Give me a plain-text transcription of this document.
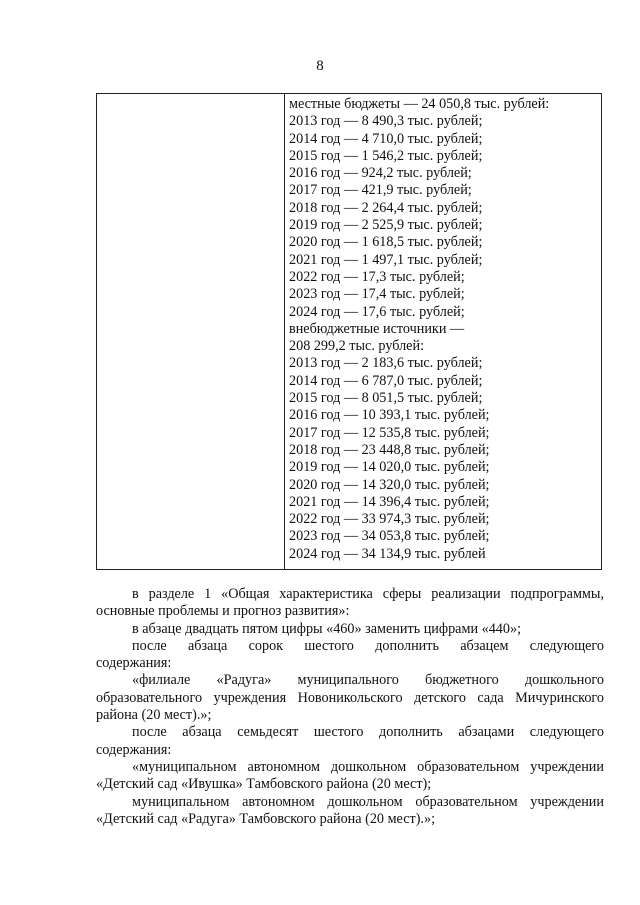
8
местные бюджеты — 24 050,8 тыс. рублей:
2013 год — 8 490,3 тыс. рублей;
2014 год — 4 710,0 тыс. рублей;
2015 год — 1 546,2 тыс. рублей;
2016 год — 924,2 тыс. рублей;
2017 год — 421,9 тыс. рублей;
2018 год — 2 264,4 тыс. рублей;
2019 год — 2 525,9 тыс. рублей;
2020 год — 1 618,5 тыс. рублей;
2021 год — 1 497,1 тыс. рублей;
2022 год — 17,3 тыс. рублей;
2023 год — 17,4 тыс. рублей;
2024 год — 17,6 тыс. рублей;
внебюджетные источники —
208 299,2 тыс. рублей:
2013 год — 2 183,6 тыс. рублей;
2014 год — 6 787,0 тыс. рублей;
2015 год — 8 051,5 тыс. рублей;
2016 год — 10 393,1 тыс. рублей;
2017 год — 12 535,8 тыс. рублей;
2018 год — 23 448,8 тыс. рублей;
2019 год — 14 020,0 тыс. рублей;
2020 год — 14 320,0 тыс. рублей;
2021 год — 14 396,4 тыс. рублей;
2022 год — 33 974,3 тыс. рублей;
2023 год — 34 053,8 тыс. рублей;
2024 год — 34 134,9 тыс. рублей

в разделе 1 «Общая характеристика сферы реализации подпрограммы, основные проблемы и прогноз развития»:

в абзаце двадцать пятом цифры «460» заменить цифрами «440»;

после абзаца сорок шестого дополнить абзацем следующего
содержания:

«филиале «Радуга» муниципального бюджетного дошкольного
образовательного учреждения Новоникольского детского сада Мичуринского района (20 мест).»;

после абзаца семьдесят шестого дополнить абзацами следующего
содержания:

«муниципальном автономном дошкольном образовательном учреждении «Детский сад «Ивушка» Тамбовского района (20 мест);

муниципальном автономном дошкольном образовательном учреждении «Детский сад «Радуга» Тамбовского района (20 мест).»;
